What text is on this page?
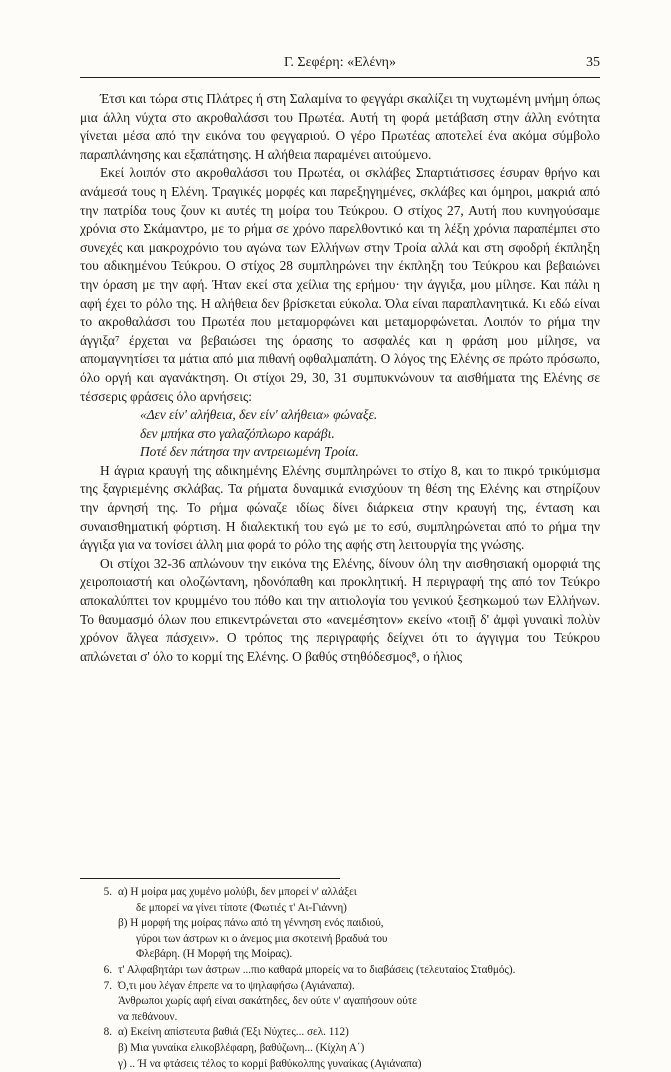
Γ. Σεφέρη: «Ελένη»	35

Έτσι και τώρα στις Πλάτρες ή στη Σαλαμίνα το φεγγάρι σκαλίζει τη νυχτωμένη μνήμη όπως μια άλλη νύχτα στο ακροθαλάσσι του Πρωτέα. Αυτή τη φορά μετάβαση στην άλλη ενότητα γίνεται μέσα από την εικόνα του φεγγαριού. Ο γέρο Πρωτέας αποτελεί ένα ακόμα σύμβολο παραπλάνησης και εξαπάτησης. Η αλήθεια παραμένει αιτούμενο.

Εκεί λοιπόν στο ακροθαλάσσι του Πρωτέα, οι σκλάβες Σπαρτιάτισσες έσυραν θρήνο και ανάμεσά τους η Ελένη. Τραγικές μορφές και παρεξηγημένες, σκλάβες και όμηροι, μακριά από την πατρίδα τους ζουν κι αυτές τη μοίρα του Τεύκρου. Ο στίχος 27, Αυτή που κυνηγούσαμε χρόνια στο Σκάμαντρο, με το ρήμα σε χρόνο παρελθοντικό και τη λέξη χρόνια παραπέμπει στο συνεχές και μακροχρόνιο του αγώνα των Ελλήνων στην Τροία αλλά και στη σφοδρή έκπληξη του αδικημένου Τεύκρου. Ο στίχος 28 συμπληρώνει την έκπληξη του Τεύκρου και βεβαιώνει την όραση με την αφή. Ήταν εκεί στα χείλια της ερήμου· την άγγιξα, μου μίλησε. Και πάλι η αφή έχει το ρόλο της. Η αλήθεια δεν βρίσκεται εύκολα. Όλα είναι παραπλανητικά. Κι εδώ είναι το ακροθαλάσσι του Πρωτέα που μεταμορφώνει και μεταμορφώνεται. Λοιπόν το ρήμα την άγγιξα⁷ έρχεται να βεβαιώσει της όρασης το ασφαλές και η φράση μου μίλησε, να απομαγνητίσει τα μάτια από μια πιθανή οφθαλμαπάτη. Ο λόγος της Ελένης σε πρώτο πρόσωπο, όλο οργή και αγανάκτηση. Οι στίχοι 29, 30, 31 συμπυκνώνουν τα αισθήματα της Ελένης σε τέσσερις φράσεις όλο αρνήσεις:

«Δεν είν' αλήθεια, δεν είν' αλήθεια» φώναξε.

δεν μπήκα στο γαλαζόπλωρο καράβι.

Ποτέ δεν πάτησα την αντρειωμένη Τροία.

Η άγρια κραυγή της αδικημένης Ελένης συμπληρώνει το στίχο 8, και το πικρό τρικύμισμα της ξαγριεμένης σκλάβας. Τα ρήματα δυναμικά ενισχύουν τη θέση της Ελένης και στηρίζουν την άρνησή της. Το ρήμα φώναζε ιδίως δίνει διάρκεια στην κραυγή της, ένταση και συναισθηματική φόρτιση. Η διαλεκτική του εγώ με το εσύ, συμπληρώνεται από το ρήμα την άγγιξα για να τονίσει άλλη μια φορά το ρόλο της αφής στη λειτουργία της γνώσης.

Οι στίχοι 32-36 απλώνουν την εικόνα της Ελένης, δίνουν όλη την αισθησιακή ομορφιά της χειροποιαστή και ολοζώντανη, ηδονόπαθη και προκλητική. Η περιγραφή της από τον Τεύκρο αποκαλύπτει τον κρυμμένο του πόθο και την αιτιολογία του γενικού ξεσηκωμού των Ελλήνων. Το θαυμασμό όλων που επικεντρώνεται στο «ανεμέσητον» εκείνο «τοιῇ δ' ἀμφὶ γυναικὶ πολὺν χρόνον ἄλγεα πάσχειν». Ο τρόπος της περιγραφής δείχνει ότι το άγγιγμα του Τεύκρου απλώνεται σ' όλο το κορμί της Ελένης. Ο βαθύς στηθόδεσμος⁸, ο ήλιος

5. α) Η μοίρα μας χυμένο μολύβι, δεν μπορεί ν' αλλάξει
δε μπορεί να γίνει τίποτε (Φωτιές τ' Αι-Γιάννη)
β) Η μορφή της μοίρας πάνω από τη γέννηση ενός παιδιού,
γύροι των άστρων κι ο άνεμος μια σκοτεινή βραδυά του
Φλεβάρη. (Η Μορφή της Μοίρας).
6. τ' Αλφαβητάρι των άστρων ...πιο καθαρά μπορείς να το διαβάσεις (τελευταίος Σταθμός).
7. Ό,τι μου λέγαν έπρεπε να το ψηλαφήσω (Αγιάναπα).
Άνθρωποι χωρίς αφή είναι σακάτηδες, δεν ούτε ν' αγαπήσουν ούτε
να πεθάνουν.
8. α) Εκείνη απίστευτα βαθιά (Έξι Νύχτες... σελ. 112)
β) Μια γυναίκα ελικοβλέφαρη, βαθύζωνη... (Κίχλη Α΄)
γ) .. Ή να φτάσεις τέλος το κορμί βαθύκολπης γυναίκας (Αγιάναπα)
